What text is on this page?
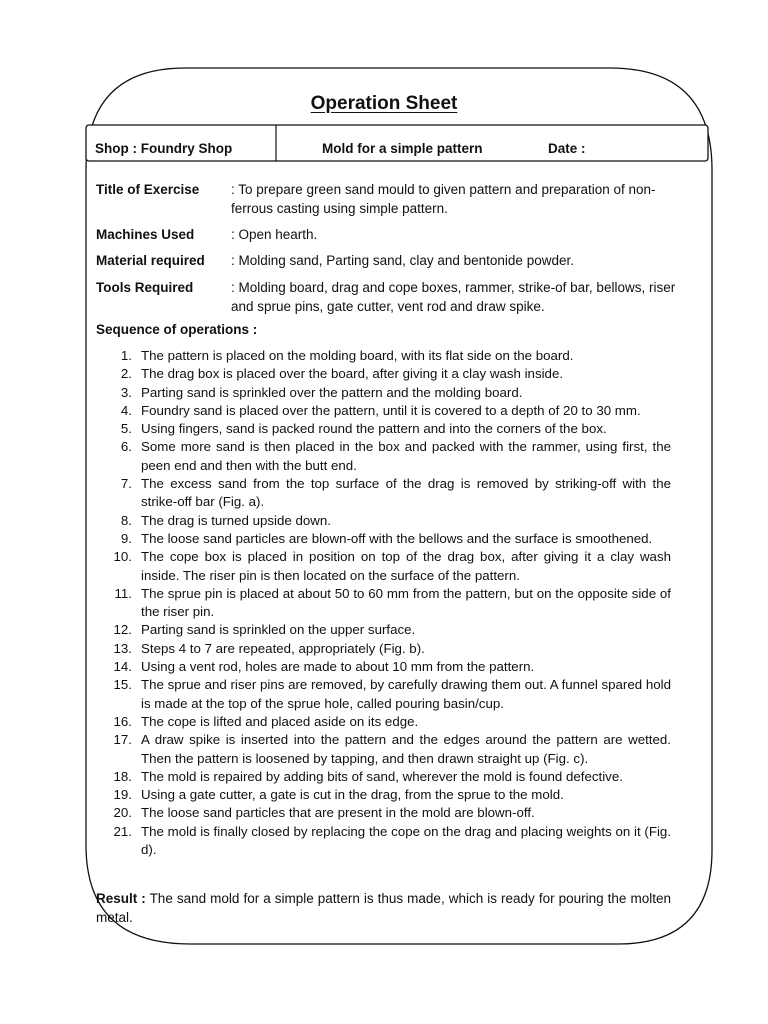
Operation Sheet
Shop : Foundry Shop	Mold for a simple pattern	Date :
Title of Exercise : To prepare green sand mould to given pattern and preparation of non-ferrous casting using simple pattern.
Machines Used	: Open hearth.
Material required : Molding sand, Parting sand, clay and bentonide powder.
Tools Required	: Molding board, drag and cope boxes, rammer, strike-of bar, bellows, riser and sprue pins, gate cutter, vent rod and draw spike.
Sequence of operations :
1. The pattern is placed on the molding board, with its flat side on the board.
2. The drag box is placed over the board, after giving it a clay wash inside.
3. Parting sand is sprinkled over the pattern and the molding board.
4. Foundry sand is placed over the pattern, until it is covered to a depth of 20 to 30 mm.
5. Using fingers, sand is packed round the pattern and into the corners of the box.
6. Some more sand is then placed in the box and packed with the rammer, using first, the peen end and then with the butt end.
7. The excess sand from the top surface of the drag is removed by striking-off with the strike-off bar (Fig. a).
8. The drag is turned upside down.
9. The loose sand particles are blown-off with the bellows and the surface is smoothened.
10. The cope box is placed in position on top of the drag box, after giving it a clay wash inside. The riser pin is then located on the surface of the pattern.
11. The sprue pin is placed at about 50 to 60 mm from the pattern, but on the opposite side of the riser pin.
12. Parting sand is sprinkled on the upper surface.
13. Steps 4 to 7 are repeated, appropriately (Fig. b).
14. Using a vent rod, holes are made to about 10 mm from the pattern.
15. The sprue and riser pins are removed, by carefully drawing them out. A funnel spared hold is made at the top of the sprue hole, called pouring basin/cup.
16. The cope is lifted and placed aside on its edge.
17. A draw spike is inserted into the pattern and the edges around the pattern are wetted. Then the pattern is loosened by tapping, and then drawn straight up (Fig. c).
18. The mold is repaired by adding bits of sand, wherever the mold is found defective.
19. Using a gate cutter, a gate is cut in the drag, from the sprue to the mold.
20. The loose sand particles that are present in the mold are blown-off.
21. The mold is finally closed by replacing the cope on the drag and placing weights on it (Fig. d).
Result : The sand mold for a simple pattern is thus made, which is ready for pouring the molten metal.
